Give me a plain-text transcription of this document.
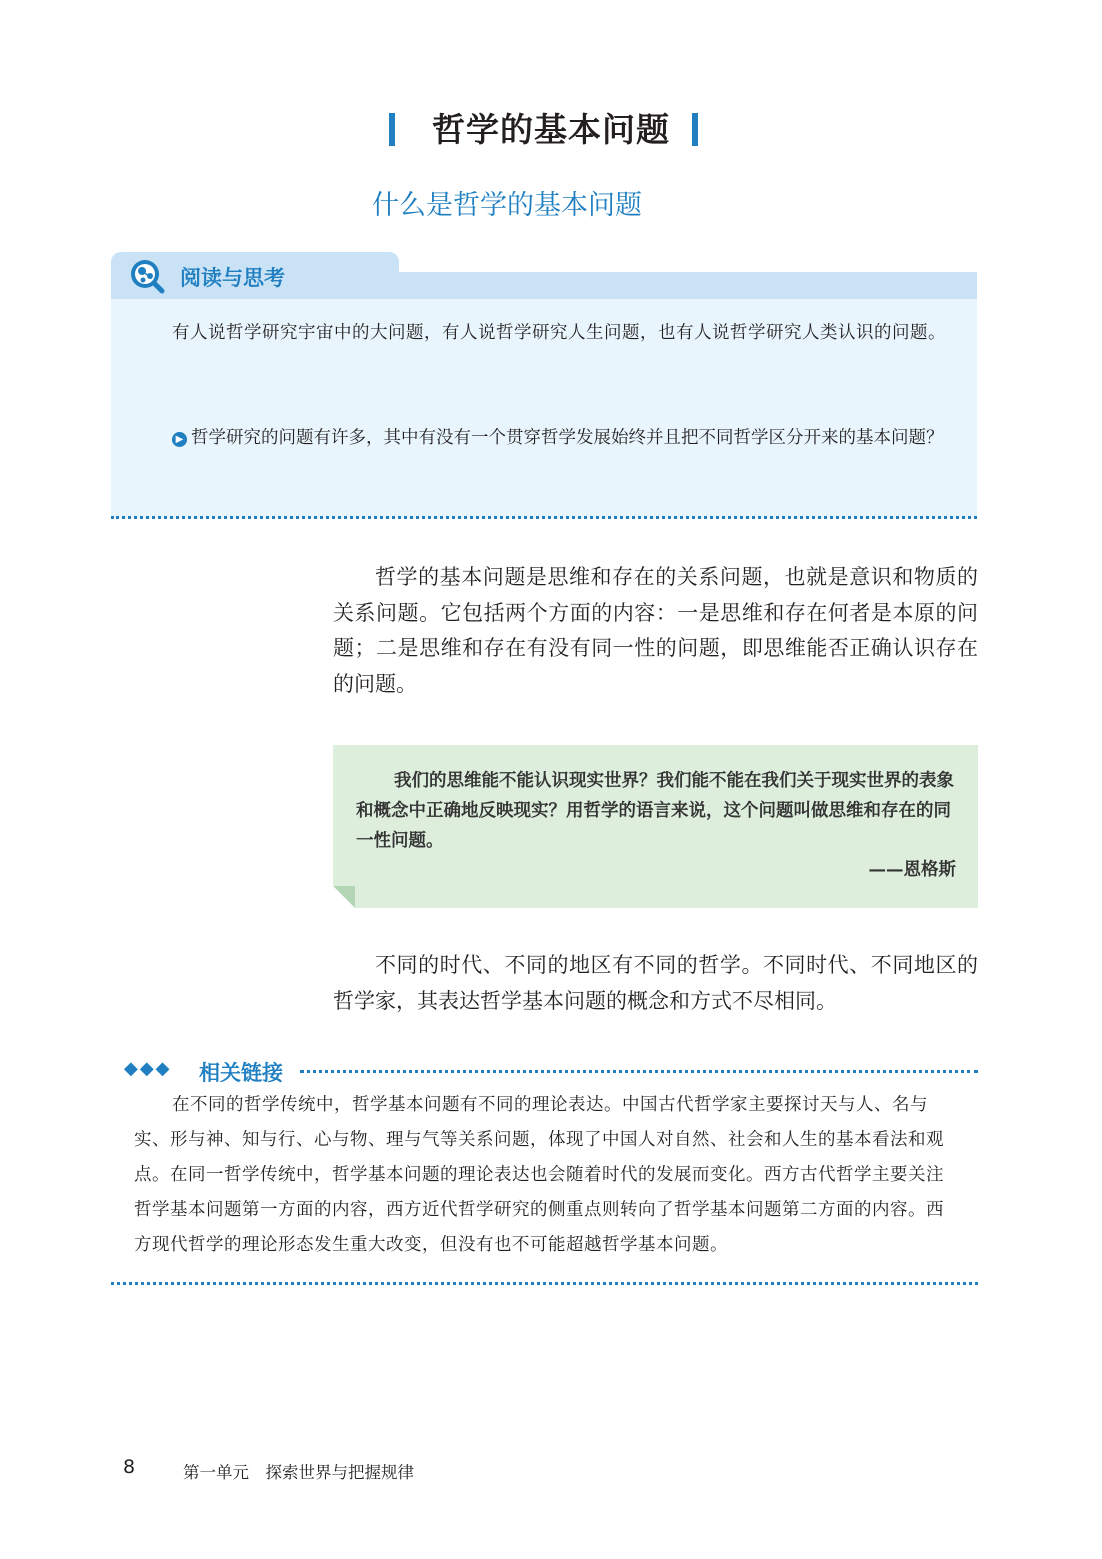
哲学的基本问题
什么是哲学的基本问题
阅读与思考
有人说哲学研究宇宙中的大问题，有人说哲学研究人生问题，也有人说哲学研究人类认识的问题。
▶ 哲学研究的问题有许多，其中有没有一个贯穿哲学发展始终并且把不同哲学区分开来的基本问题？

哲学的基本问题是思维和存在的关系问题，也就是意识和物质的关系问题。它包括两个方面的内容：一是思维和存在何者是本原的问题；二是思维和存在有没有同一性的问题，即思维能否正确认识存在的问题。

我们的思维能不能认识现实世界？我们能不能在我们关于现实世界的表象和概念中正确地反映现实？用哲学的语言来说，这个问题叫做思维和存在的同一性问题。
——恩格斯

不同的时代、不同的地区有不同的哲学。不同时代、不同地区的哲学家，其表达哲学基本问题的概念和方式不尽相同。

◆◆◆ 相关链接
在不同的哲学传统中，哲学基本问题有不同的理论表达。中国古代哲学家主要探讨天与人、名与实、形与神、知与行、心与物、理与气等关系问题，体现了中国人对自然、社会和人生的基本看法和观点。在同一哲学传统中，哲学基本问题的理论表达也会随着时代的发展而变化。西方古代哲学主要关注哲学基本问题第一方面的内容，西方近代哲学研究的侧重点则转向了哲学基本问题第二方面的内容。西方现代哲学的理论形态发生重大改变，但没有也不可能超越哲学基本问题。
8	第一单元　探索世界与把握规律
